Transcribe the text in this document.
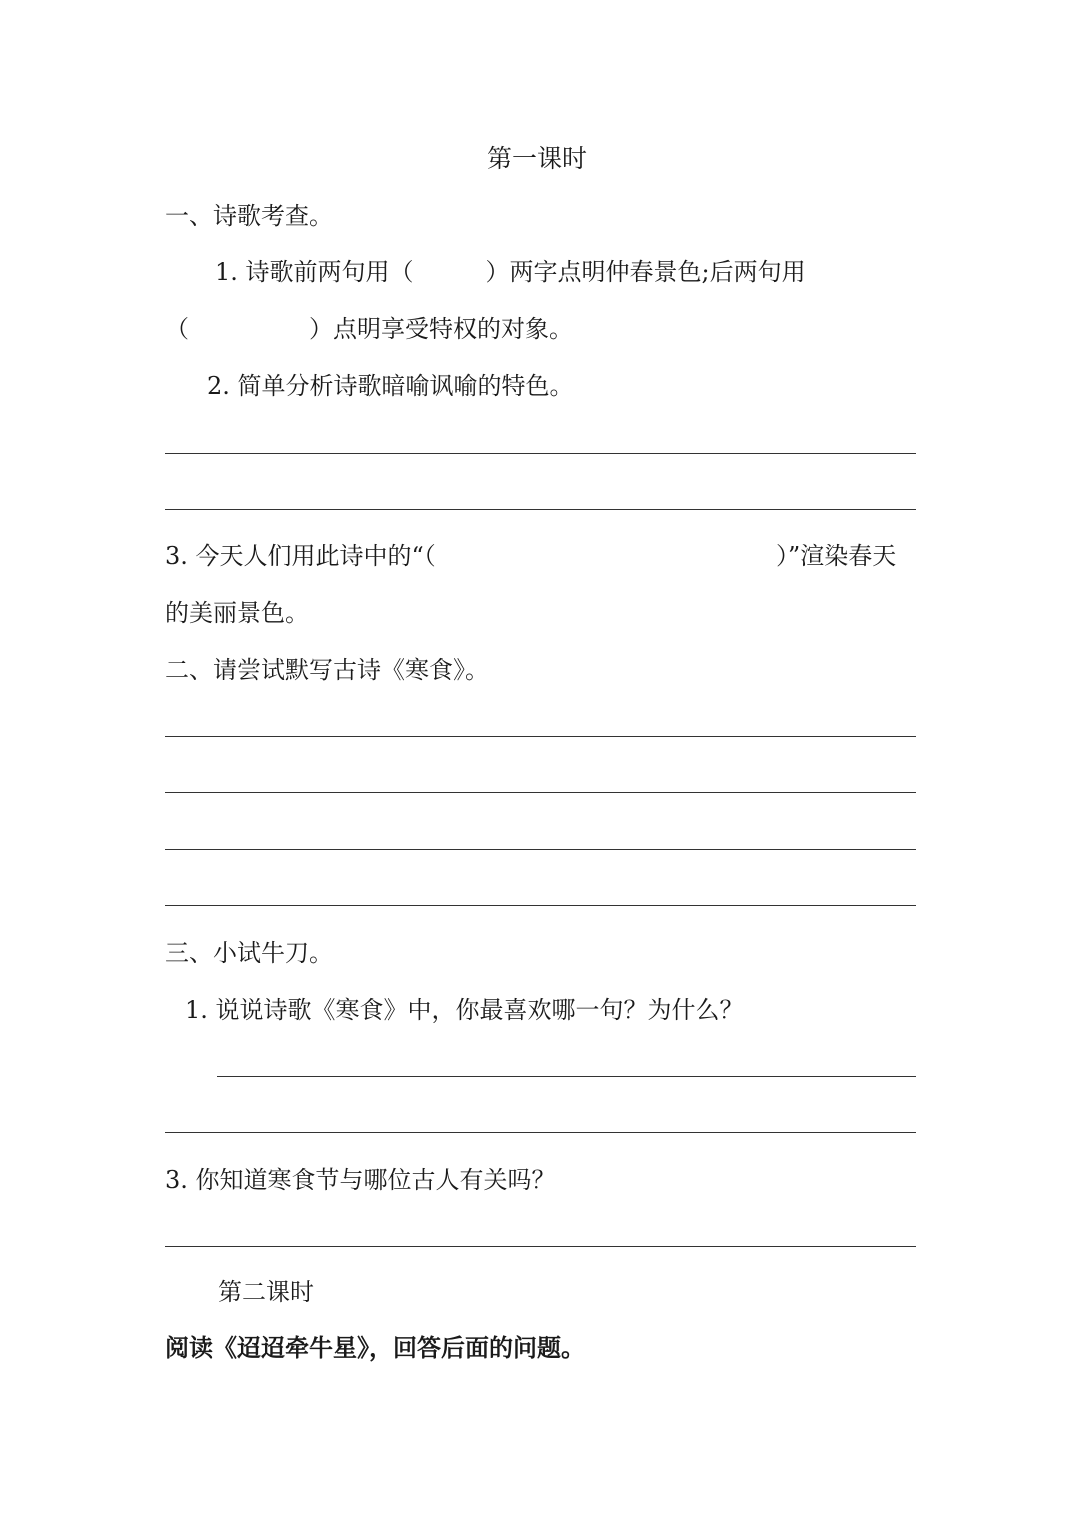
第一课时
一、诗歌考查。
1. 诗歌前两句用（　　　）两字点明仲春景色;后两句用
（　　　　　）点明享受特权的对象。
2. 简单分析诗歌暗喻讽喻的特色。
3. 今天人们用此诗中的“（	）”渲染春天
的美丽景色。
二、请尝试默写古诗《寒食》。
三、小试牛刀。
1. 说说诗歌《寒食》中，你最喜欢哪一句？为什么？
3. 你知道寒食节与哪位古人有关吗？
第二课时
阅读《迢迢牵牛星》，回答后面的问题。
